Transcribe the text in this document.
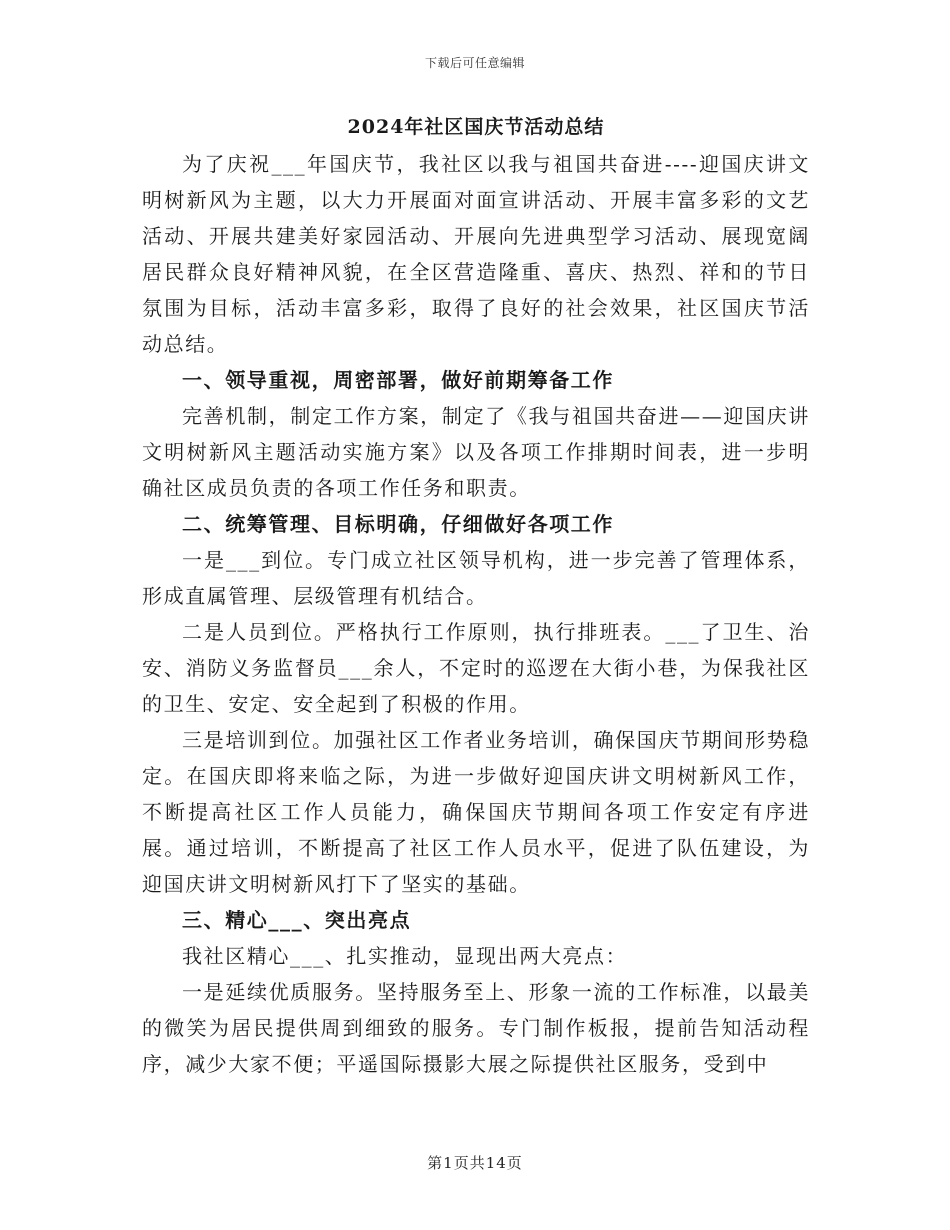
下载后可任意编辑
2024年社区国庆节活动总结

为了庆祝___年国庆节，我社区以我与祖国共奋进----迎国庆讲文明树新风为主题，以大力开展面对面宣讲活动、开展丰富多彩的文艺活动、开展共建美好家园活动、开展向先进典型学习活动、展现宽阔居民群众良好精神风貌，在全区营造隆重、喜庆、热烈、祥和的节日氛围为目标，活动丰富多彩，取得了良好的社会效果，社区国庆节活动总结。

一、领导重视，周密部署，做好前期筹备工作

完善机制，制定工作方案，制定了《我与祖国共奋进——迎国庆讲文明树新风主题活动实施方案》以及各项工作排期时间表，进一步明确社区成员负责的各项工作任务和职责。

二、统筹管理、目标明确，仔细做好各项工作

一是___到位。专门成立社区领导机构，进一步完善了管理体系，形成直属管理、层级管理有机结合。

二是人员到位。严格执行工作原则，执行排班表。___了卫生、治安、消防义务监督员___余人，不定时的巡逻在大街小巷，为保我社区的卫生、安定、安全起到了积极的作用。

三是培训到位。加强社区工作者业务培训，确保国庆节期间形势稳定。在国庆即将来临之际，为进一步做好迎国庆讲文明树新风工作，不断提高社区工作人员能力，确保国庆节期间各项工作安定有序进展。通过培训，不断提高了社区工作人员水平，促进了队伍建设，为迎国庆讲文明树新风打下了坚实的基础。

三、精心___、突出亮点

我社区精心___、扎实推动，显现出两大亮点：

一是延续优质服务。坚持服务至上、形象一流的工作标准，以最美的微笑为居民提供周到细致的服务。专门制作板报，提前告知活动程序，减少大家不便；平遥国际摄影大展之际提供社区服务，受到中

第1页共14页
